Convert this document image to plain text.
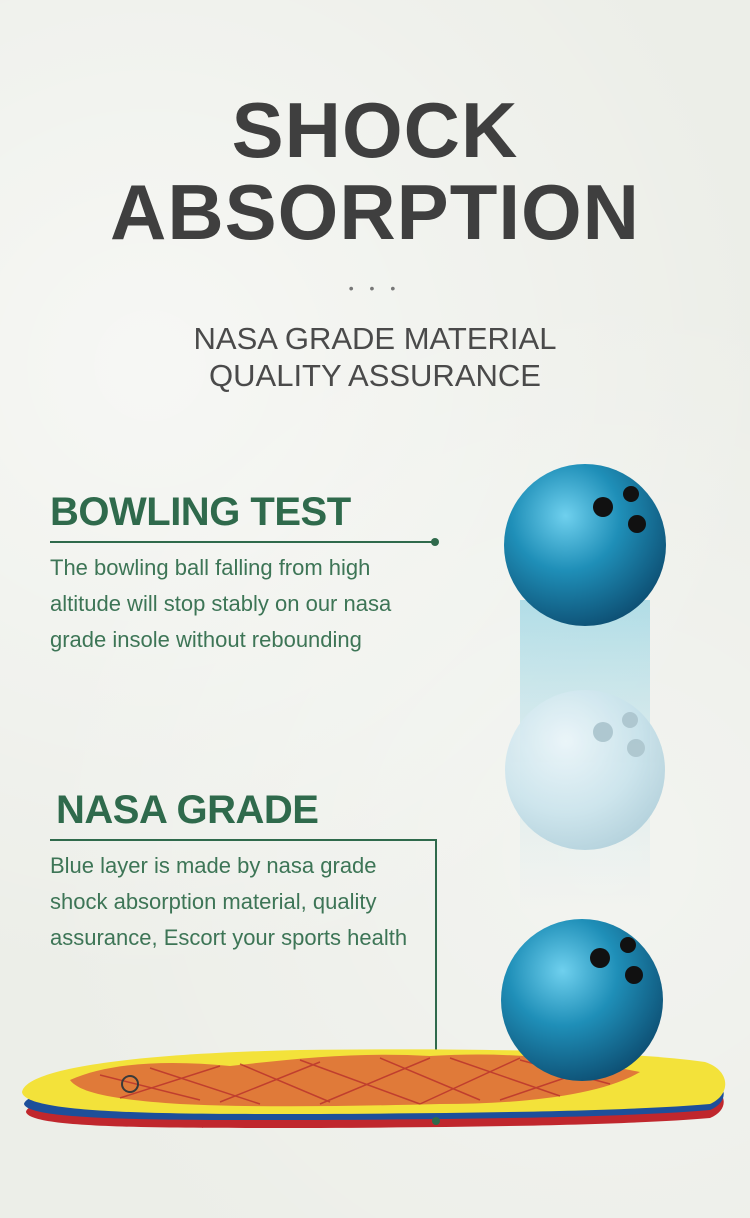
SHOCK
ABSORPTION
• • •
NASA GRADE MATERIAL
QUALITY ASSURANCE
BOWLING TEST
The bowling ball falling from high altitude will stop stably on our nasa grade insole without rebounding
NASA GRADE
Blue layer is made by nasa grade shock absorption material, quality assurance, Escort your sports health
